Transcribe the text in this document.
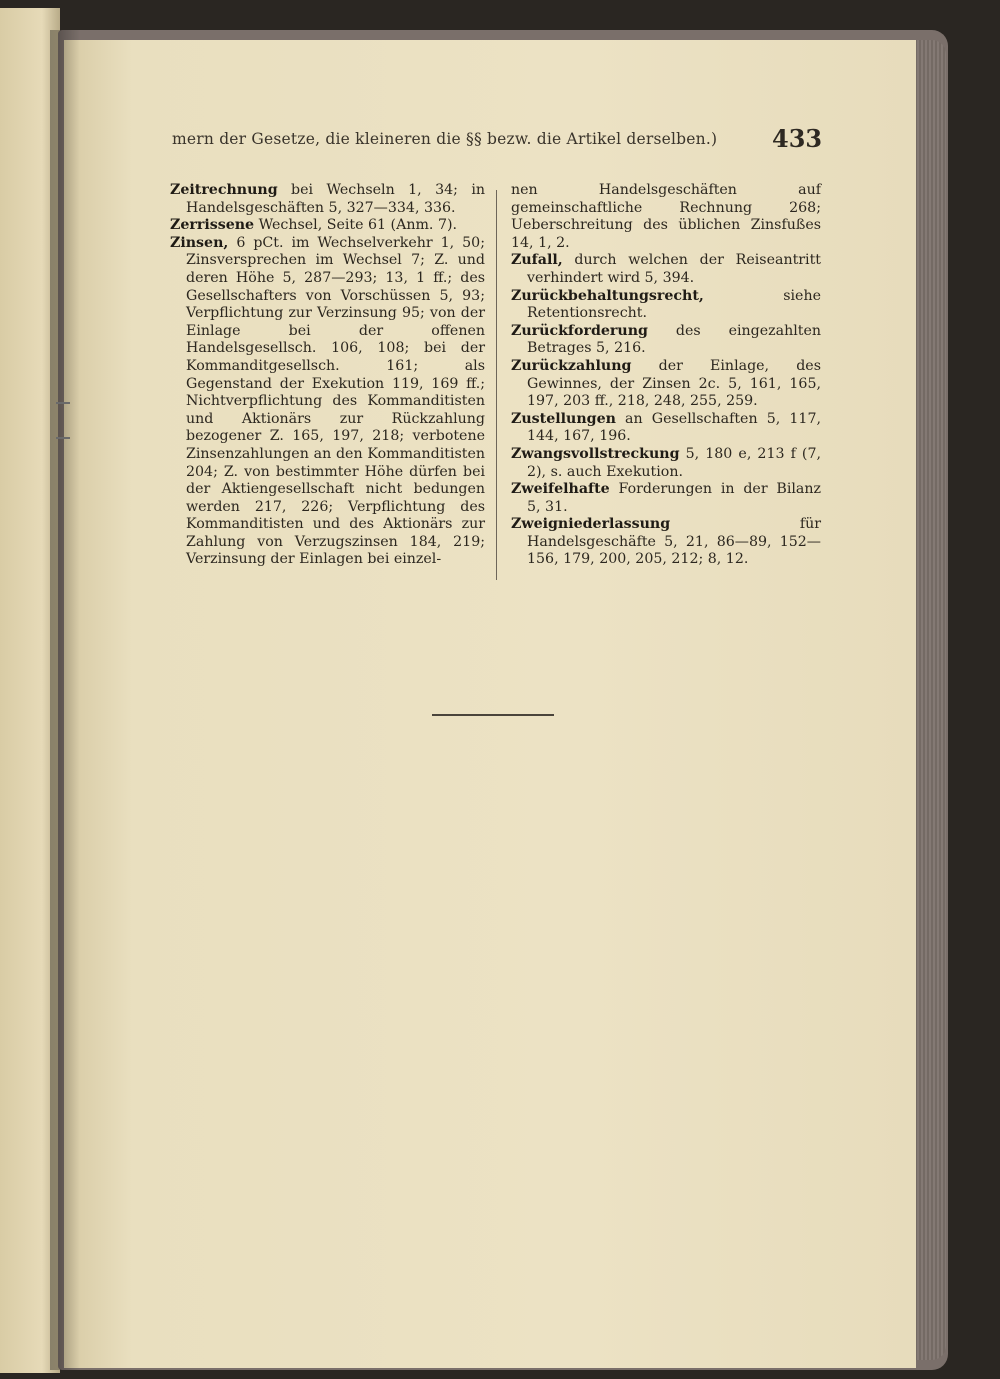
mern der Gesetze, die kleineren die §§ bezw. die Artikel derselben.)	433

Zeitrechnung bei Wechseln 1, 34; in Handelsgeschäften 5, 327—334, 336.

Zerrissene Wechsel, Seite 61 (Anm. 7).

Zinsen, 6 pCt. im Wechselverkehr 1, 50; Zinsversprechen im Wechsel 7; Z. und deren Höhe 5, 287—293; 13, 1 ff.; des Gesellschafters von Vorschüssen 5, 93; Verpflichtung zur Verzinsung 95; von der Einlage bei der offenen Handelsgesellsch. 106, 108; bei der Kommanditgesellsch. 161; als Gegenstand der Exekution 119, 169 ff.; Nichtverpflichtung des Kommanditisten und Aktionärs zur Rückzahlung bezogener Z. 165, 197, 218; verbotene Zinsenzahlungen an den Kommanditisten 204; Z. von bestimmter Höhe dürfen bei der Aktiengesellschaft nicht bedungen werden 217, 226; Verpflichtung des Kommanditisten und des Aktionärs zur Zahlung von Verzugszinsen 184, 219; Verzinsung der Einlagen bei einzel-

nen Handelsgeschäften auf gemeinschaftliche Rechnung 268; Ueberschreitung des üblichen Zinsfußes 14, 1, 2.

Zufall, durch welchen der Reiseantritt verhindert wird 5, 394.

Zurückbehaltungsrecht, siehe Retentionsrecht.

Zurückforderung des eingezahlten Betrages 5, 216.

Zurückzahlung der Einlage, des Gewinnes, der Zinsen 2c. 5, 161, 165, 197, 203 ff., 218, 248, 255, 259.

Zustellungen an Gesellschaften 5, 117, 144, 167, 196.

Zwangsvollstreckung 5, 180 e, 213 f (7, 2), s. auch Exekution.

Zweifelhafte Forderungen in der Bilanz 5, 31.

Zweigniederlassung für Handelsgeschäfte 5, 21, 86—89, 152—156, 179, 200, 205, 212; 8, 12.
